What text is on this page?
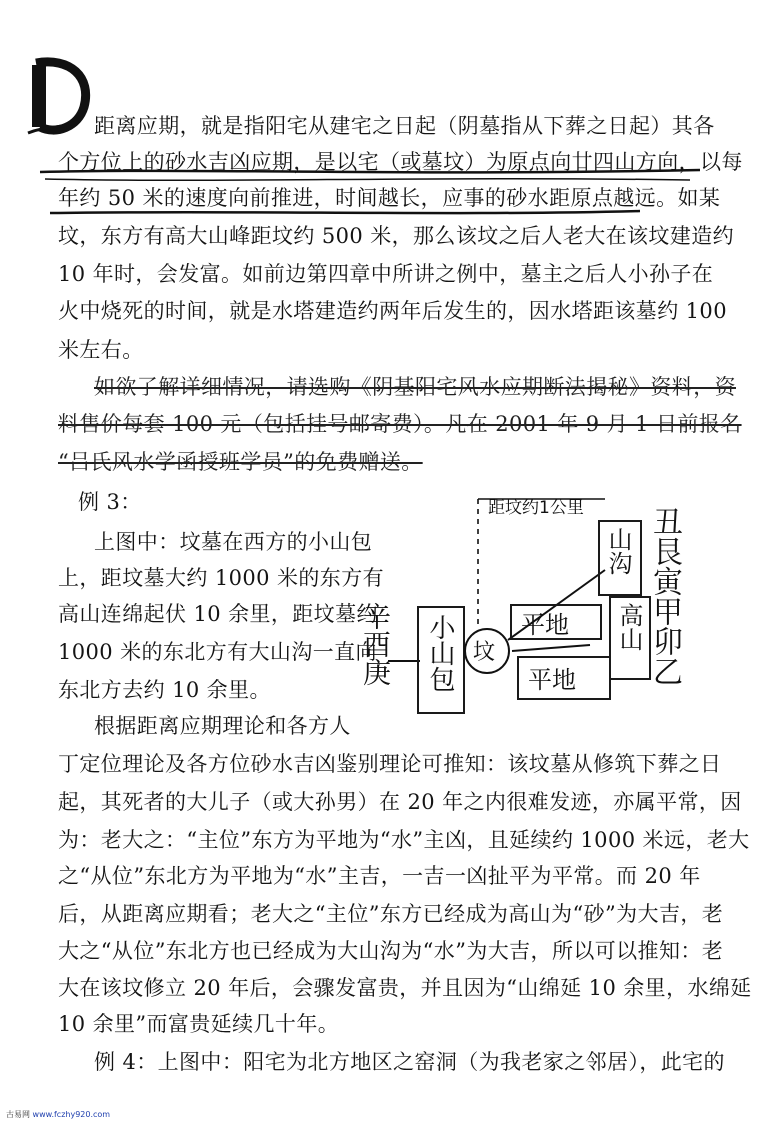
距离应期，就是指阳宅从建宅之日起（阴墓指从下葬之日起）其各
个方位上的砂水吉凶应期，是以宅（或墓坟）为原点向廿四山方向，以每
年约 50 米的速度向前推进，时间越长，应事的砂水距原点越远。如某
坟，东方有高大山峰距坟约 500 米，那么该坟之后人老大在该坟建造约
10 年时，会发富。如前边第四章中所讲之例中，墓主之后人小孙子在
火中烧死的时间，就是水塔建造约两年后发生的，因水塔距该墓约 100
米左右。
如欲了解详细情况，请选购《阴基阳宅风水应期断法揭秘》资料，资
料售价每套 100 元（包括挂号邮寄费）。凡在 2001 年 9 月 1 日前报名
“吕氏风水学函授班学员”的免费赠送。
例 3：
上图中：坟墓在西方的小山包
上，距坟墓大约 1000 米的东方有
高山连绵起伏 10 余里，距坟墓约
1000 米的东北方有大山沟一直向
东北方去约 10 余里。
根据距离应期理论和各方人
距坟约1公里
山沟
平地
平地
高山
小山包 坟
辛酉庚	丑艮寅甲卯乙
丁定位理论及各方位砂水吉凶鉴别理论可推知：该坟墓从修筑下葬之日
起，其死者的大儿子（或大孙男）在 20 年之内很难发迹，亦属平常，因
为：老大之：“主位”东方为平地为“水”主凶，且延续约 1000 米远，老大
之“从位”东北方为平地为“水”主吉，一吉一凶扯平为平常。而 20 年
后，从距离应期看；老大之“主位”东方已经成为高山为“砂”为大吉，老
大之“从位”东北方也已经成为大山沟为“水”为大吉，所以可以推知：老
大在该坟修立 20 年后，会骤发富贵，并且因为“山绵延 10 余里，水绵延
10 余里”而富贵延续几十年。
例 4：上图中：阳宅为北方地区之窑洞（为我老家之邻居），此宅的
古易网 www.fczhy920.com
